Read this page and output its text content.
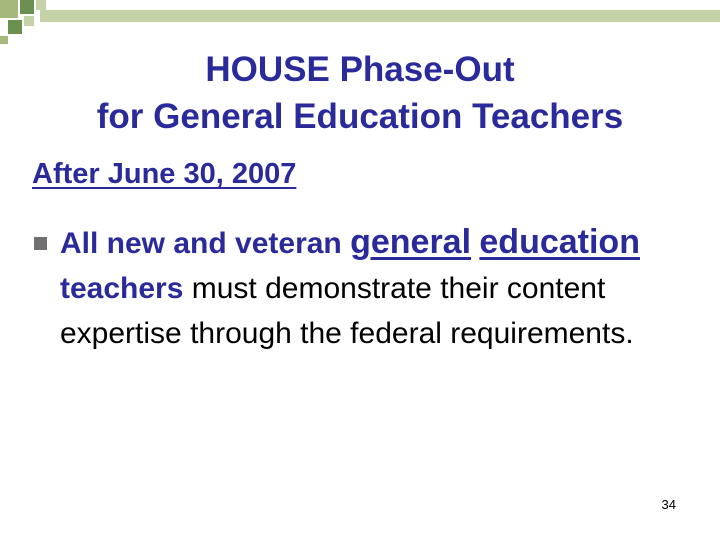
HOUSE Phase-Out
for General Education Teachers
After June 30, 2007
All new and veteran general education teachers must demonstrate their content expertise through the federal requirements.
34
